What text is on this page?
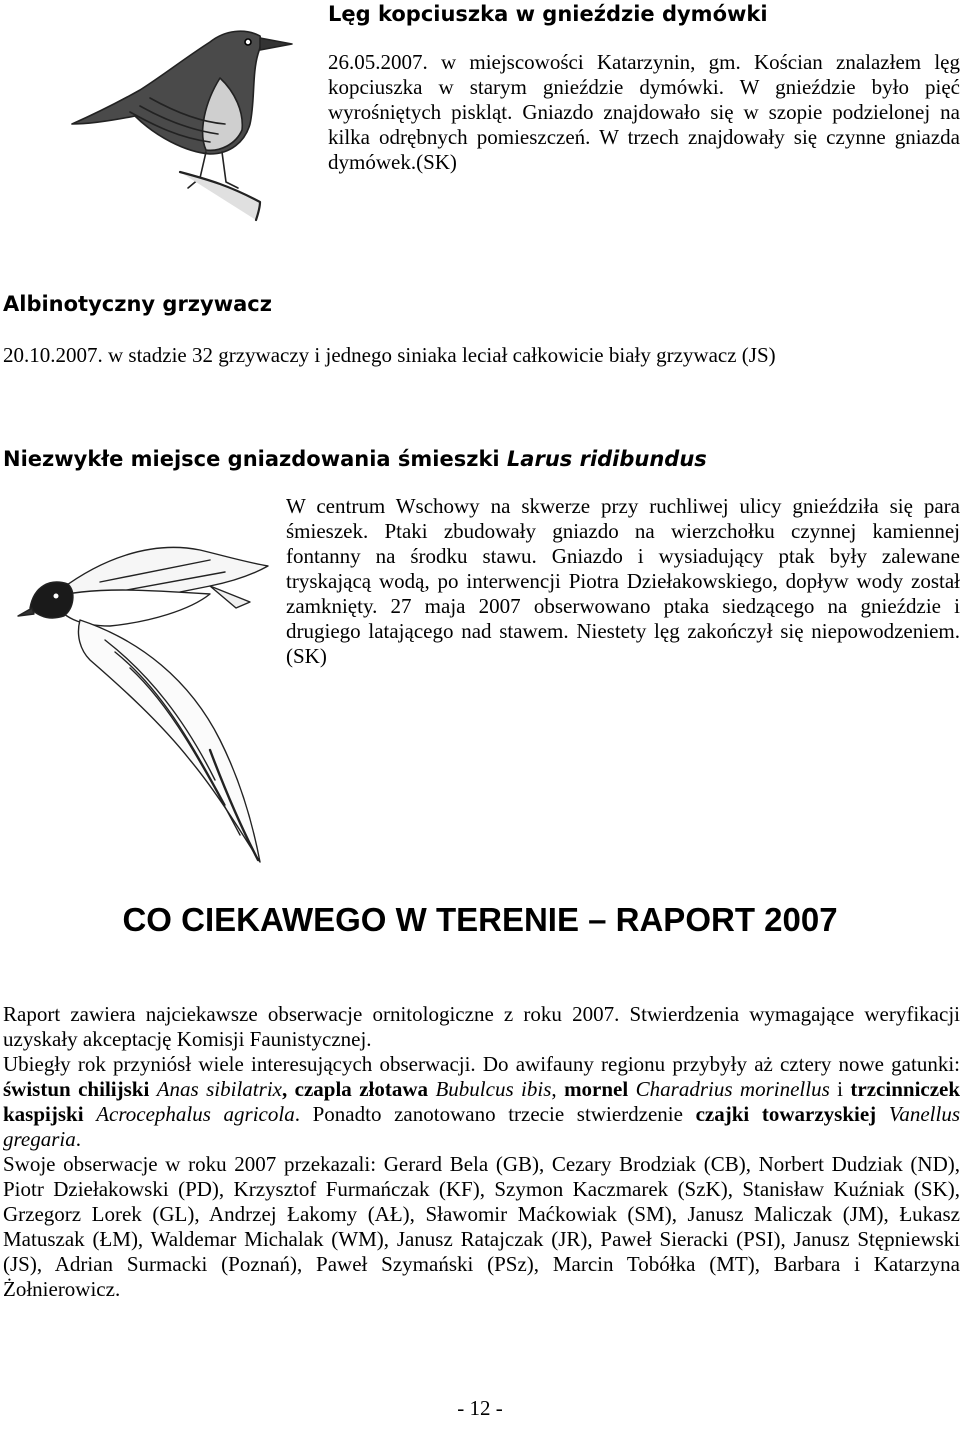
Lęg kopciuszka w gnieździe dymówki
26.05.2007. w miejscowości Katarzynin, gm. Kościan znalazłem lęg kopciuszka w starym gnieździe dymówki. W gnieździe było pięć wyrośniętych piskląt. Gniazdo znajdowało się w szopie podzielonej na kilka odrębnych pomieszczeń. W trzech znajdowały się czynne gniazda dymówek.(SK)
Albinotyczny grzywacz
20.10.2007. w stadzie 32 grzywaczy i jednego siniaka leciał całkowicie biały grzywacz (JS)
Niezwykłe miejsce gniazdowania śmieszki Larus ridibundus
W centrum Wschowy na skwerze przy ruchliwej ulicy gnieździła się para śmieszek. Ptaki zbudowały gniazdo na wierzchołku czynnej kamiennej fontanny na środku stawu. Gniazdo i wysiadujący ptak były zalewane tryskającą wodą, po interwencji Piotra Dziełakowskiego, dopływ wody został zamknięty. 27 maja 2007 obserwowano ptaka siedzącego na gnieździe i drugiego latającego nad stawem. Niestety lęg zakończył się niepowodzeniem. (SK)
CO CIEKAWEGO W TERENIE – RAPORT 2007

Raport zawiera najciekawsze obserwacje ornitologiczne z roku 2007. Stwierdzenia wymagające weryfikacji uzyskały akceptację Komisji Faunistycznej.

Ubiegły rok przyniósł wiele interesujących obserwacji. Do awifauny regionu przybyły aż cztery nowe gatunki: świstun chilijski Anas sibilatrix, czapla złotawa Bubulcus ibis, mornel Charadrius morinellus i trzcinniczek kaspijski Acrocephalus agricola. Ponadto zanotowano trzecie stwierdzenie czajki towarzyskiej Vanellus gregaria.

Swoje obserwacje w roku 2007 przekazali: Gerard Bela (GB), Cezary Brodziak (CB), Norbert Dudziak (ND), Piotr Dziełakowski (PD), Krzysztof Furmańczak (KF), Szymon Kaczmarek (SzK), Stanisław Kuźniak (SK), Grzegorz Lorek (GL), Andrzej Łakomy (AŁ), Sławomir Maćkowiak (SM), Janusz Maliczak (JM), Łukasz Matuszak (ŁM), Waldemar Michalak (WM), Janusz Ratajczak (JR), Paweł Sieracki (PSI), Janusz Stępniewski (JS), Adrian Surmacki (Poznań), Paweł Szymański (PSz), Marcin Tobółka (MT), Barbara i Katarzyna Żołnierowicz.

- 12 -
